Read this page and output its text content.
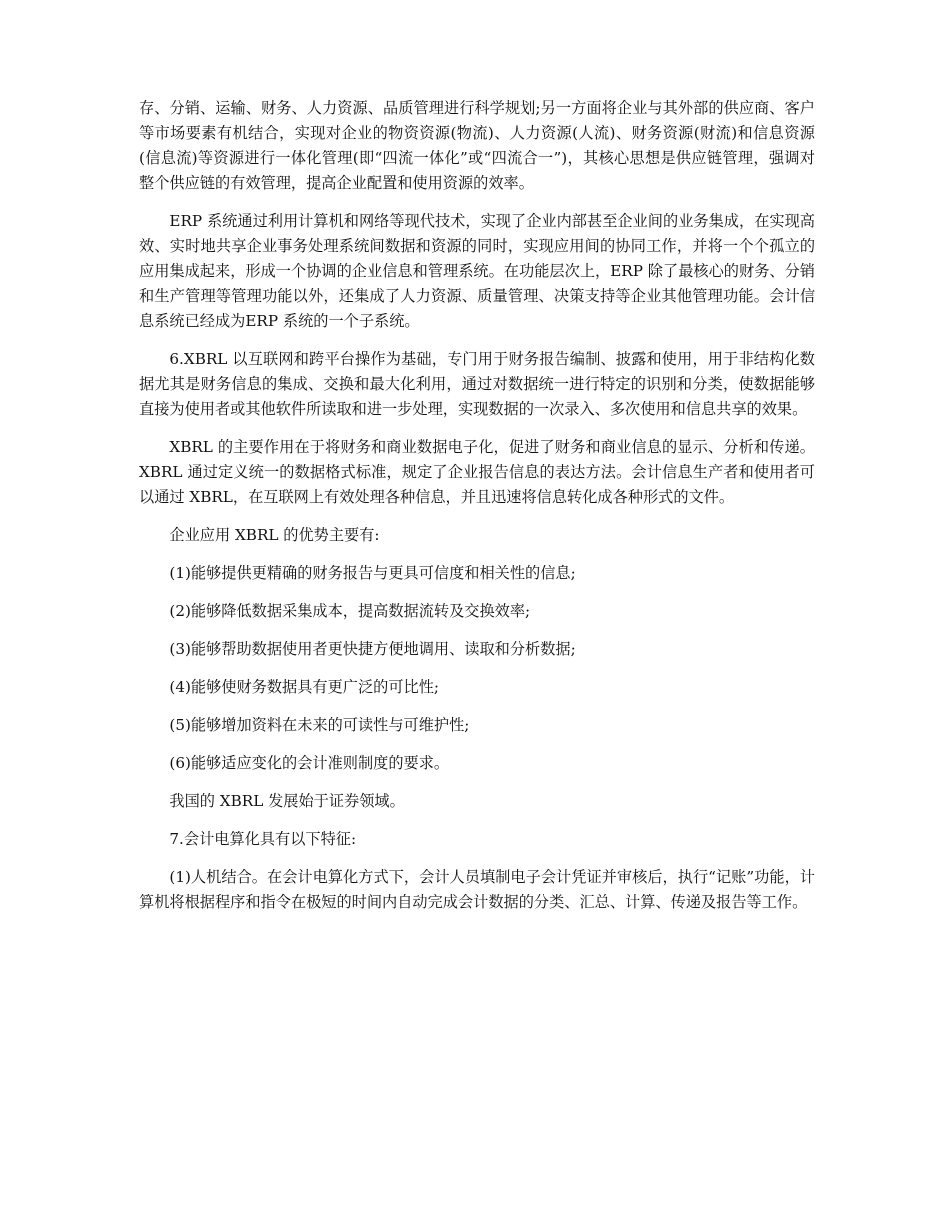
存、分销、运输、财务、人力资源、品质管理进行科学规划;另一方面将企业与其外部的供应商、客户等市场要素有机结合，实现对企业的物资资源(物流)、人力资源(人流)、财务资源(财流)和信息资源(信息流)等资源进行一体化管理(即“四流一体化”或“四流合一”)，其核心思想是供应链管理，强调对整个供应链的有效管理，提高企业配置和使用资源的效率。

ERP 系统通过利用计算机和网络等现代技术，实现了企业内部甚至企业间的业务集成，在实现高效、实时地共享企业事务处理系统间数据和资源的同时，实现应用间的协同工作，并将一个个孤立的应用集成起来，形成一个协调的企业信息和管理系统。在功能层次上，ERP 除了最核心的财务、分销和生产管理等管理功能以外，还集成了人力资源、质量管理、决策支持等企业其他管理功能。会计信息系统已经成为ERP 系统的一个子系统。

6.XBRL 以互联网和跨平台操作为基础，专门用于财务报告编制、披露和使用，用于非结构化数据尤其是财务信息的集成、交换和最大化利用，通过对数据统一进行特定的识别和分类，使数据能够直接为使用者或其他软件所读取和进一步处理，实现数据的一次录入、多次使用和信息共享的效果。

XBRL 的主要作用在于将财务和商业数据电子化，促进了财务和商业信息的显示、分析和传递。XBRL 通过定义统一的数据格式标准，规定了企业报告信息的表达方法。会计信息生产者和使用者可以通过 XBRL，在互联网上有效处理各种信息，并且迅速将信息转化成各种形式的文件。

企业应用 XBRL 的优势主要有:

(1)能够提供更精确的财务报告与更具可信度和相关性的信息;

(2)能够降低数据采集成本，提高数据流转及交换效率;

(3)能够帮助数据使用者更快捷方便地调用、读取和分析数据;

(4)能够使财务数据具有更广泛的可比性;

(5)能够增加资料在未来的可读性与可维护性;

(6)能够适应变化的会计准则制度的要求。

我国的 XBRL 发展始于证券领域。

7.会计电算化具有以下特征:

(1)人机结合。在会计电算化方式下，会计人员填制电子会计凭证并审核后，执行“记账”功能，计算机将根据程序和指令在极短的时间内自动完成会计数据的分类、汇总、计算、传递及报告等工作。
